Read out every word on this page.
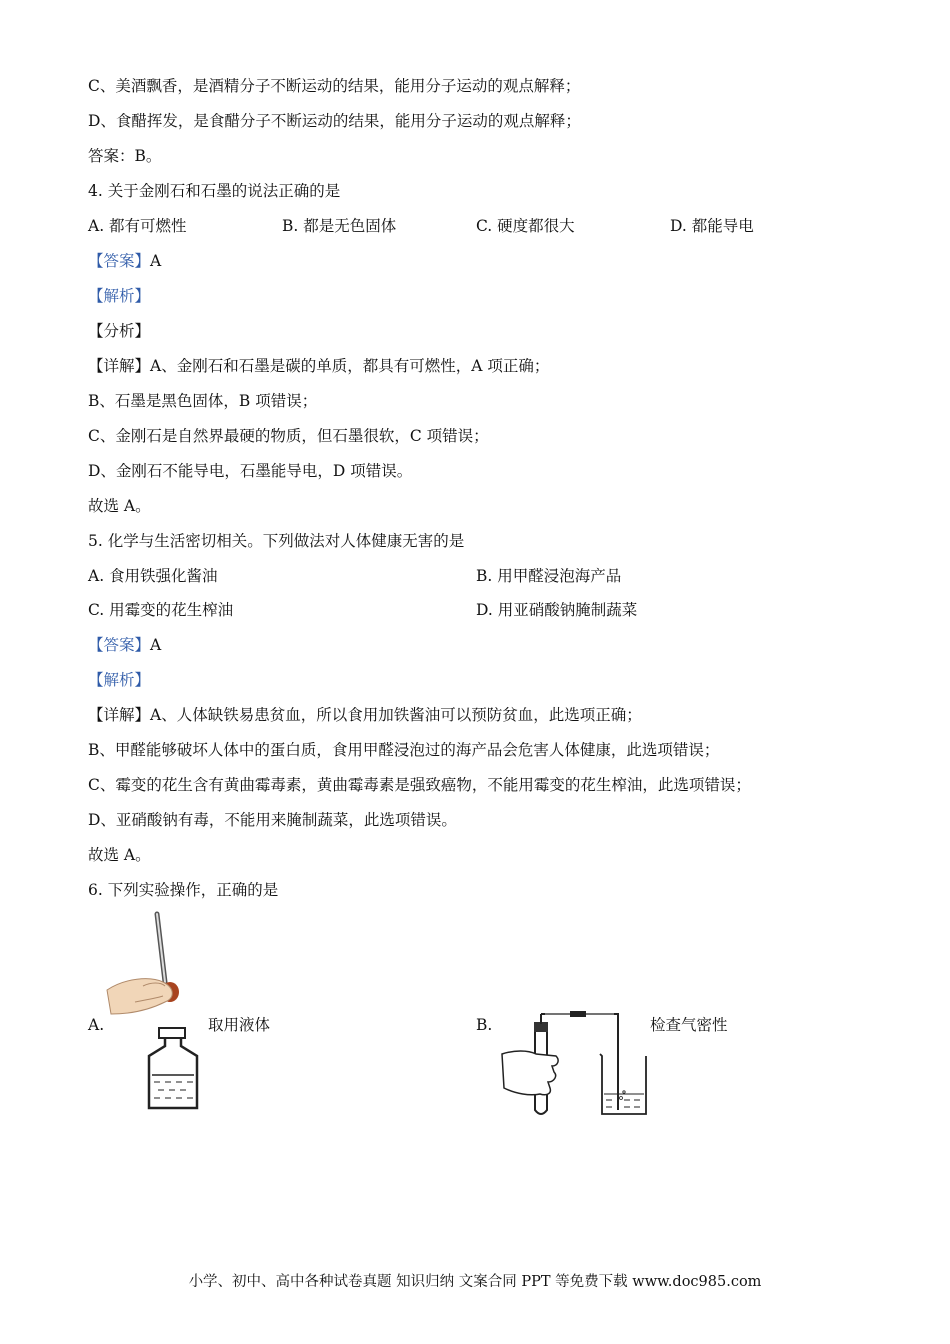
C、美酒飘香，是酒精分子不断运动的结果，能用分子运动的观点解释；
D、食醋挥发，是食醋分子不断运动的结果，能用分子运动的观点解释；
答案：B。
4. 关于金刚石和石墨的说法正确的是
A. 都有可燃性	B. 都是无色固体	C. 硬度都很大	D. 都能导电
【答案】A
【解析】
【分析】
【详解】A、金刚石和石墨是碳的单质，都具有可燃性，A 项正确；
B、石墨是黑色固体，B 项错误；
C、金刚石是自然界最硬的物质，但石墨很软，C 项错误；
D、金刚石不能导电，石墨能导电，D 项错误。
故选 A。
5. 化学与生活密切相关。下列做法对人体健康无害的是
A. 食用铁强化酱油	B. 用甲醛浸泡海产品
C. 用霉变的花生榨油	D. 用亚硝酸钠腌制蔬菜
【答案】A
【解析】
【详解】A、人体缺铁易患贫血，所以食用加铁酱油可以预防贫血，此选项正确；
B、甲醛能够破坏人体中的蛋白质，食用甲醛浸泡过的海产品会危害人体健康，此选项错误；
C、霉变的花生含有黄曲霉毒素，黄曲霉毒素是强致癌物，不能用霉变的花生榨油，此选项错误；
D、亚硝酸钠有毒，不能用来腌制蔬菜，此选项错误。
故选 A。
6. 下列实验操作，正确的是
A.	取用液体	B.	检查气密性
小学、初中、高中各种试卷真题 知识归纳 文案合同 PPT 等免费下载 www.doc985.com
